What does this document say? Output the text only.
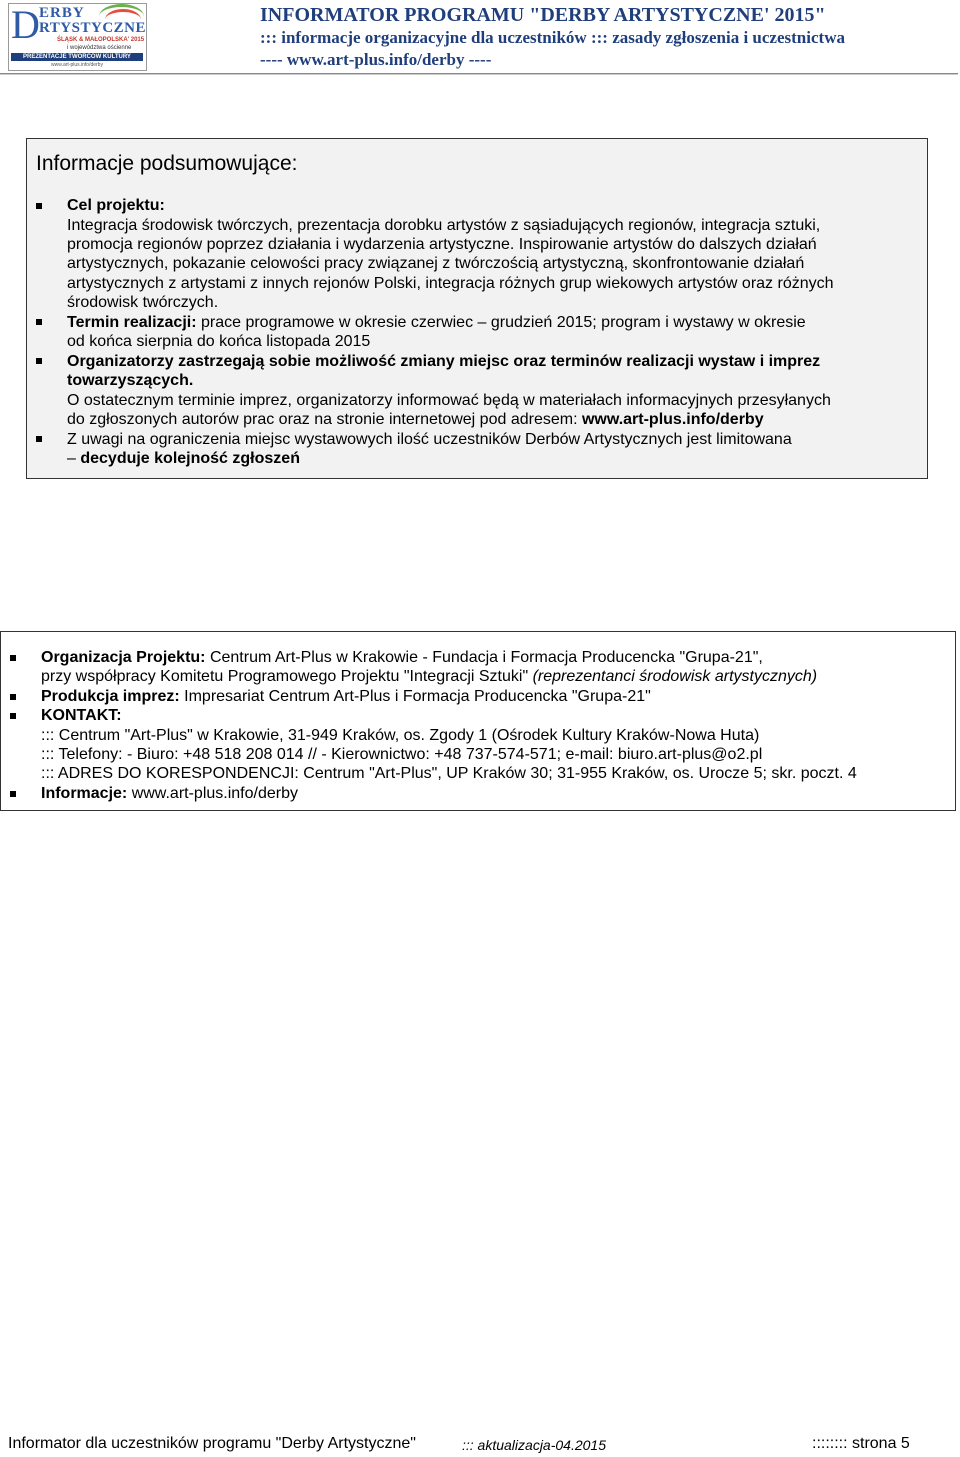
D ERBY
RTYSTYCZNE
ŚLĄSK & MAŁOPOLSKA' 2015
i województwa ościenne
PREZENTACJE TWÓRCÓW KULTURY
www.art-plus.info/derby
INFORMATOR PROGRAMU "DERBY ARTYSTYCZNE' 2015"
::: informacje organizacyjne dla uczestników ::: zasady zgłoszenia i uczestnictwa
---- www.art-plus.info/derby ----
Informacje podsumowujące:
Cel projektu:
Integracja środowisk twórczych, prezentacja dorobku artystów z sąsiadujących regionów, integracja sztuki,
promocja regionów poprzez działania i wydarzenia artystyczne. Inspirowanie artystów do dalszych działań
artystycznych, pokazanie celowości pracy związanej z twórczością artystyczną, skonfrontowanie działań
artystycznych z artystami z innych rejonów Polski, integracja różnych grup wiekowych artystów oraz różnych
środowisk twórczych.
Termin realizacji: prace programowe w okresie czerwiec – grudzień 2015; program i wystawy w okresie
od końca sierpnia do końca listopada 2015
Organizatorzy zastrzegają sobie możliwość zmiany miejsc oraz terminów realizacji wystaw i imprez
towarzyszących.
O ostatecznym terminie imprez, organizatorzy informować będą w materiałach informacyjnych przesyłanych
do zgłoszonych autorów prac oraz na stronie internetowej pod adresem: www.art-plus.info/derby
Z uwagi na ograniczenia miejsc wystawowych ilość uczestników Derbów Artystycznych jest limitowana
– decyduje kolejność zgłoszeń
Organizacja Projektu: Centrum Art-Plus w Krakowie - Fundacja i Formacja Producencka "Grupa-21",
przy współpracy Komitetu Programowego Projektu "Integracji Sztuki" (reprezentanci środowisk artystycznych)
Produkcja imprez: Impresariat Centrum Art-Plus i Formacja Producencka "Grupa-21"
KONTAKT:
::: Centrum "Art-Plus" w Krakowie, 31-949 Kraków, os. Zgody 1 (Ośrodek Kultury Kraków-Nowa Huta)
::: Telefony: - Biuro: +48 518 208 014 // - Kierownictwo: +48 737-574-571; e-mail: biuro.art-plus@o2.pl
::: ADRES DO KORESPONDENCJI: Centrum "Art-Plus", UP Kraków 30; 31-955 Kraków, os. Urocze 5; skr. poczt. 4
Informacje: www.art-plus.info/derby
Informator dla uczestników programu "Derby Artystyczne"	::: aktualizacja-04.2015	:::::::: strona 5
